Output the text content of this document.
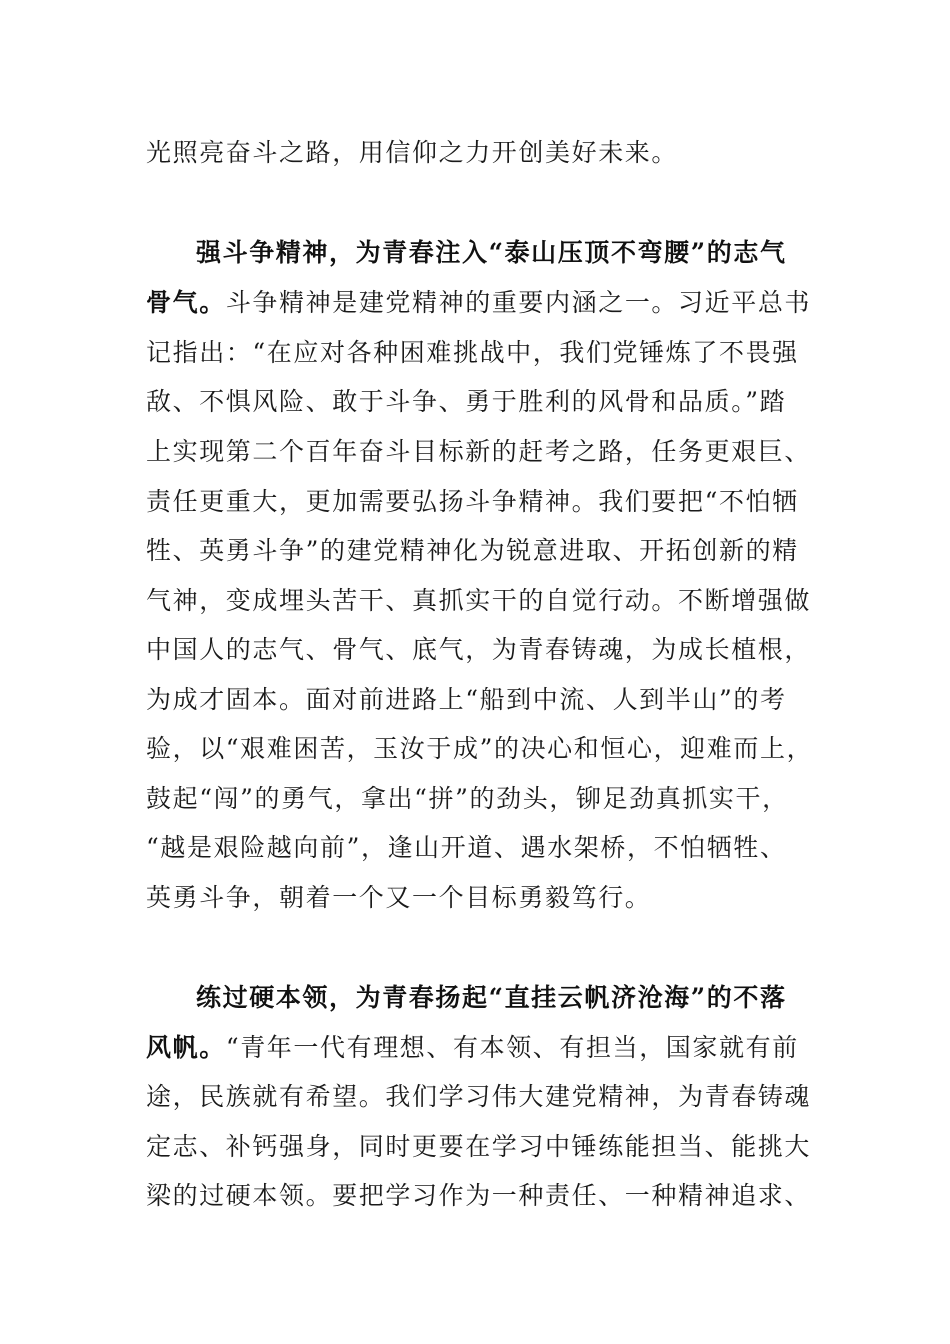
光照亮奋斗之路，用信仰之力开创美好未来。
强斗争精神，为青春注入“泰山压顶不弯腰”的志气
骨气。斗争精神是建党精神的重要内涵之一。习近平总书
记指出：“在应对各种困难挑战中，我们党锤炼了不畏强
敌、不惧风险、敢于斗争、勇于胜利的风骨和品质。”踏
上实现第二个百年奋斗目标新的赶考之路，任务更艰巨、
责任更重大，更加需要弘扬斗争精神。我们要把“不怕牺
牲、英勇斗争”的建党精神化为锐意进取、开拓创新的精
气神，变成埋头苦干、真抓实干的自觉行动。不断增强做
中国人的志气、骨气、底气，为青春铸魂，为成长植根，
为成才固本。面对前进路上“船到中流、人到半山”的考
验，以“艰难困苦，玉汝于成”的决心和恒心，迎难而上，
鼓起“闯”的勇气，拿出“拼”的劲头，铆足劲真抓实干，
“越是艰险越向前”，逢山开道、遇水架桥，不怕牺牲、
英勇斗争，朝着一个又一个目标勇毅笃行。
练过硬本领，为青春扬起“直挂云帆济沧海”的不落
风帆。“青年一代有理想、有本领、有担当，国家就有前
途，民族就有希望。我们学习伟大建党精神，为青春铸魂
定志、补钙强身，同时更要在学习中锤练能担当、能挑大
梁的过硬本领。要把学习作为一种责任、一种精神追求、
